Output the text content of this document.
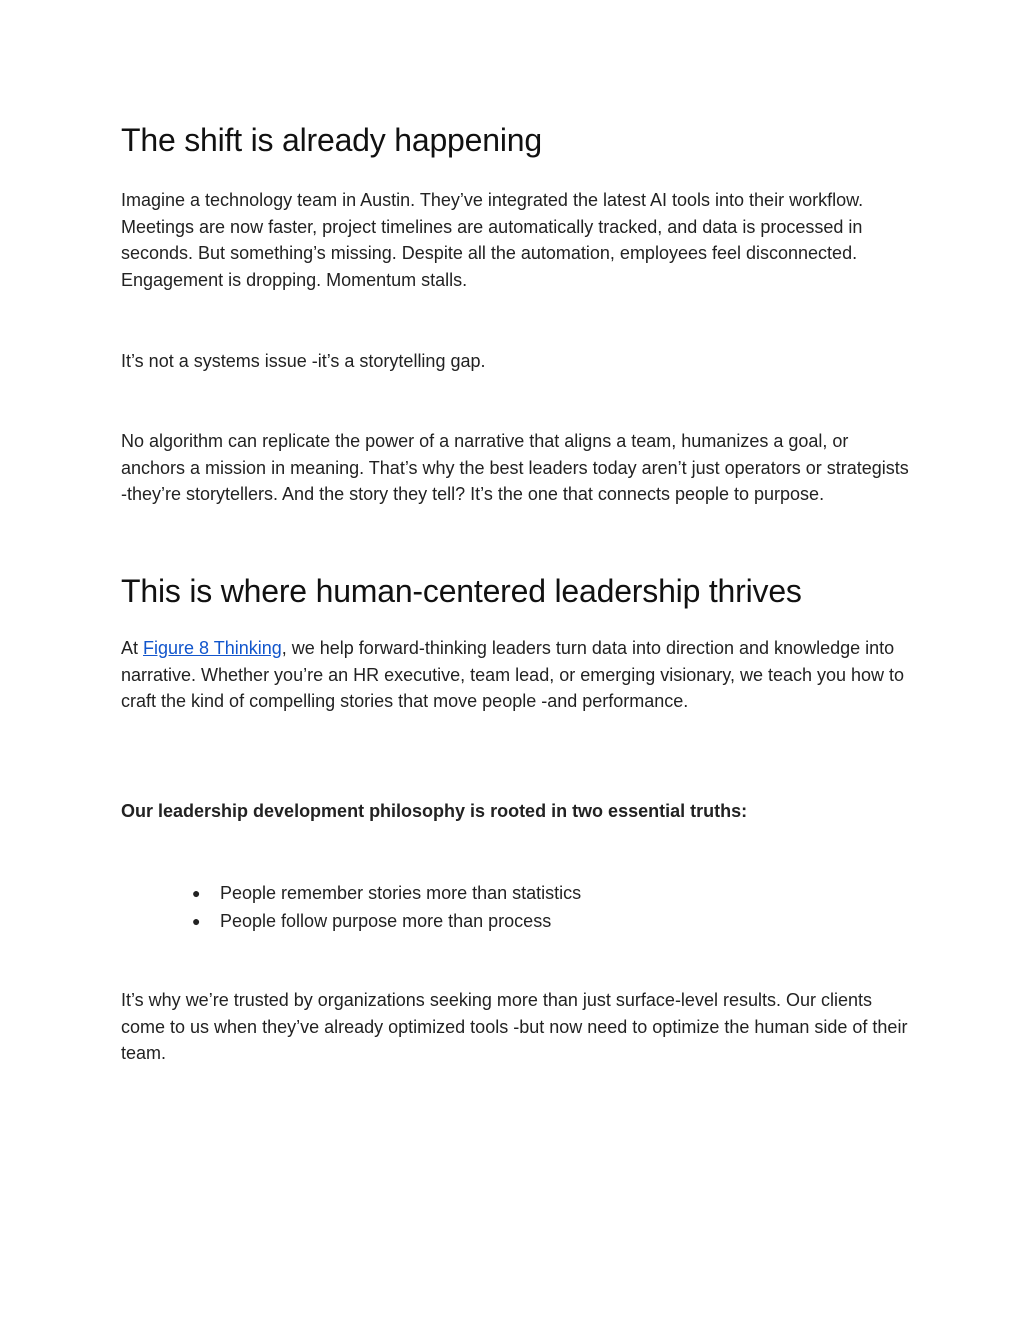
The shift is already happening

Imagine a technology team in Austin. They’ve integrated the latest AI tools into their workflow. Meetings are now faster, project timelines are automatically tracked, and data is processed in seconds. But something’s missing. Despite all the automation, employees feel disconnected. Engagement is dropping. Momentum stalls.

It’s not a systems issue -it’s a storytelling gap.

No algorithm can replicate the power of a narrative that aligns a team, humanizes a goal, or anchors a mission in meaning. That’s why the best leaders today aren’t just operators or strategists -they’re storytellers. And the story they tell? It’s the one that connects people to purpose.

This is where human-centered leadership thrives

At Figure 8 Thinking, we help forward-thinking leaders turn data into direction and knowledge into narrative. Whether you’re an HR executive, team lead, or emerging visionary, we teach you how to craft the kind of compelling stories that move people -and performance.

Our leadership development philosophy is rooted in two essential truths:

● People remember stories more than statistics
● People follow purpose more than process

It’s why we’re trusted by organizations seeking more than just surface-level results. Our clients come to us when they’ve already optimized tools -but now need to optimize the human side of their team.
